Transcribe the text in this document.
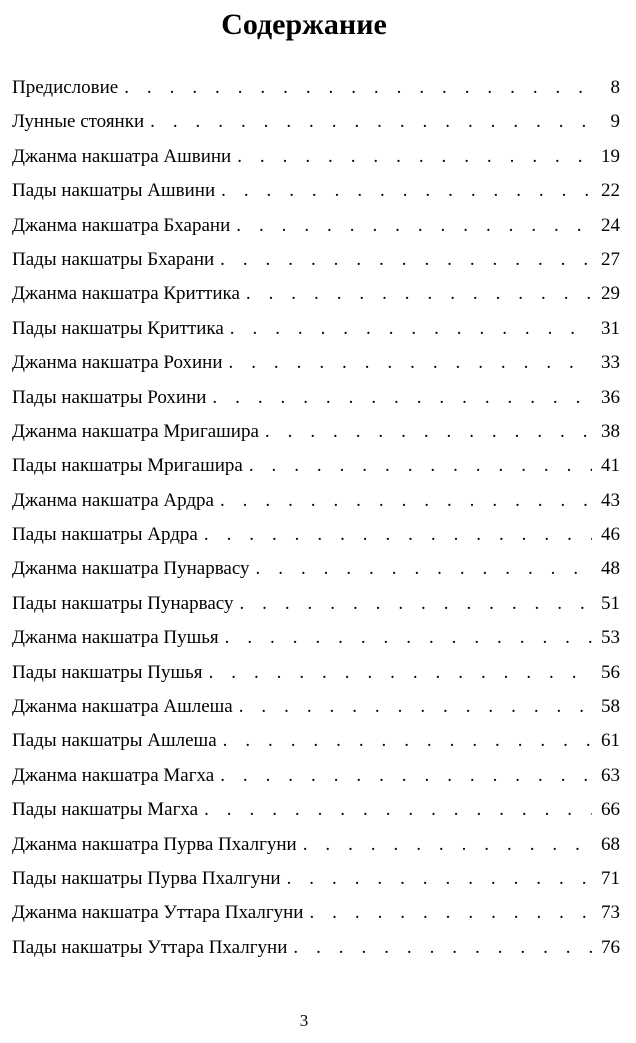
Содержание
Предисловие . . .	8
Лунные стоянки . . .	9
Джанма накшатра Ашвини . . .	19
Пады накшатры Ашвини . . .	22
Джанма накшатра Бхарани . . .	24
Пады накшатры Бхарани . . .	27
Джанма накшатра Криттика . . .	29
Пады накшатры Криттика . . .	31
Джанма накшатра Рохини . . .	33
Пады накшатры Рохини . . .	36
Джанма накшатра Мригашира . . .	38
Пады накшатры Мригашира . . .	41
Джанма накшатра Ардра . . .	43
Пады накшатры Ардра . . .	46
Джанма накшатра Пунарвасу . . .	48
Пады накшатры Пунарвасу . . .	51
Джанма накшатра Пушья . . .	53
Пады накшатры Пушья . . .	56
Джанма накшатра Ашлеша . . .	58
Пады накшатры Ашлеша . . .	61
Джанма накшатра Магха . . .	63
Пады накшатры Магха . . .	66
Джанма накшатра Пурва Пхалгуни . . .	68
Пады накшатры Пурва Пхалгуни . . .	71
Джанма накшатра Уттара Пхалгуни . . .	73
Пады накшатры Уттара Пхалгуни . . .	76
3
